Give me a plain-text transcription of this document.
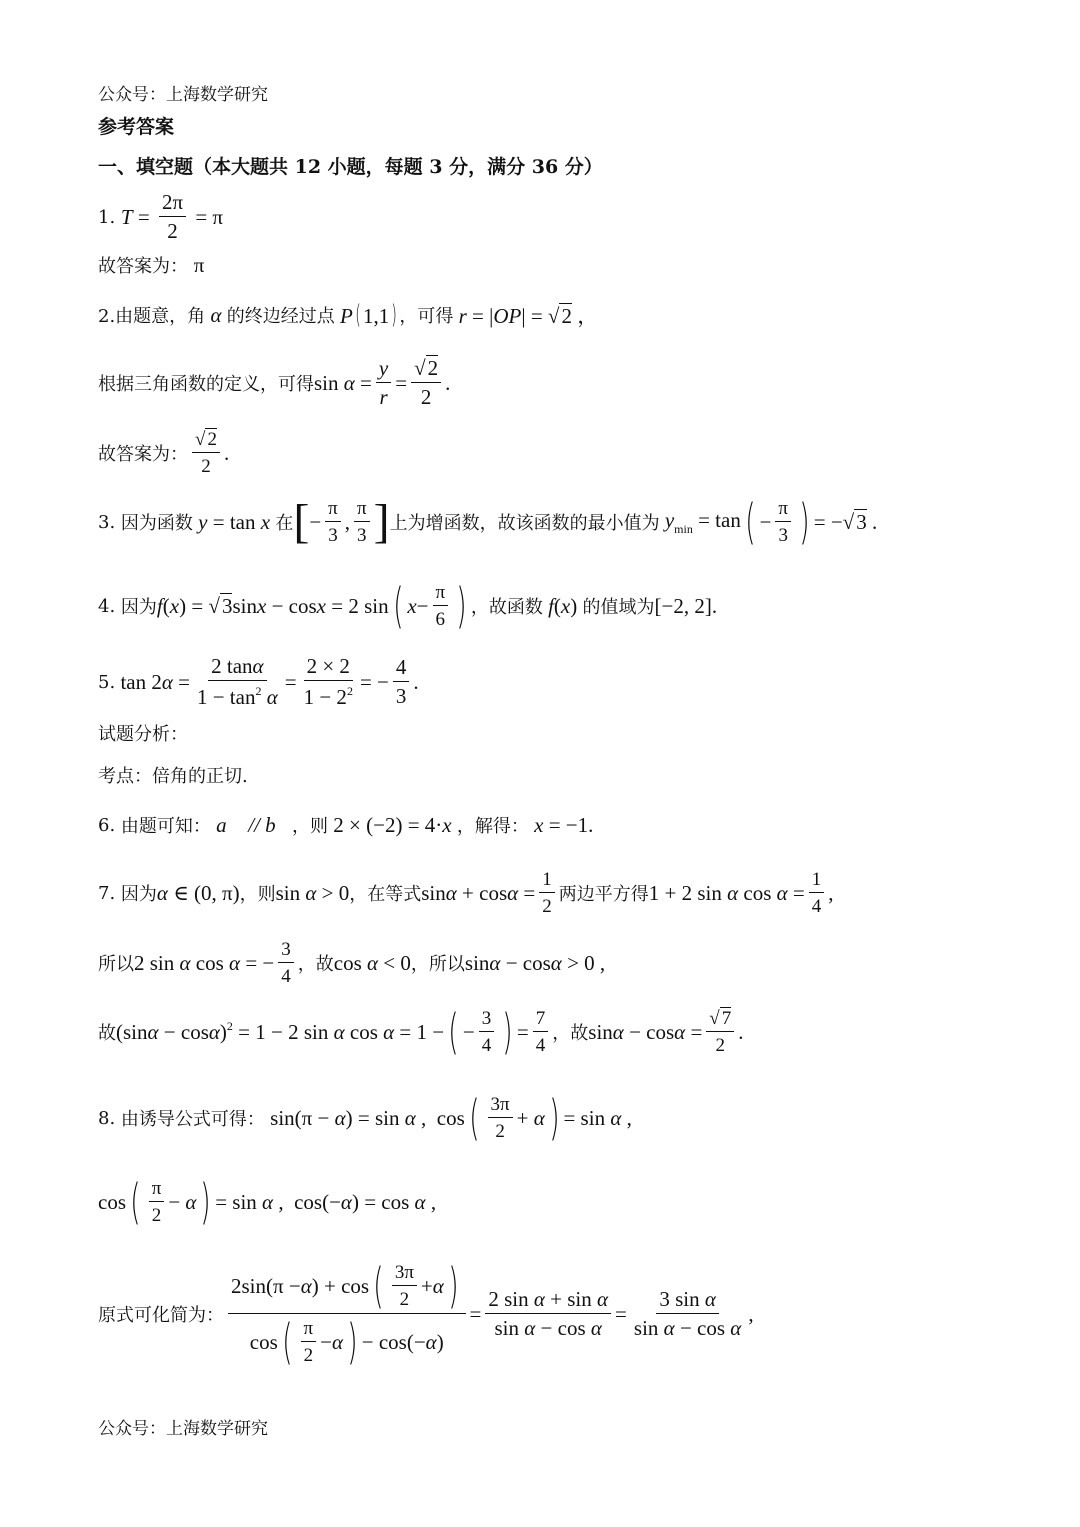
公众号：上海数学研究
参考答案
一、填空题（本大题共 12 小题，每题 3 分，满分 36 分）
1.
$T = \frac{2\pi}{2} = \pi$
故答案为：
π
2.由题意，角 α 的终边经过点 P( 1,1) ，可得 r = |OP| = √2 ，
根据三角函数的定义，可得 $\sin \alpha = \frac{y}{r} = \frac{√2}{2}$ .
故答案为： $\frac{√ 2}{2}$ .
3.
因为函数 y = tan x 在 [ − $\frac{\pi}{3}$ , $\frac{\pi}{3}$ ] 上为增函数，故该函数的最小值为 $y_{min} = \tan$ ( − $\frac{\pi}{3}$ ) = −√3 .
4.
因为 f(x) = √3sinx − cosx = 2 sin ( $x - \frac{\pi}{6}$ ) ，故函数 f(x) 的值域为 [−2, 2].
5. $\tan 2\alpha = \frac{2 \tan\alpha}{1 - \tan^2 \alpha} = \frac{2 \times 2}{1 - 2^2}$ = − $\frac{4}{3}$ .
试题分析：
考点：倍角的正切.
6.
由题可知： a⃗ // b⃗ ，则 2 × (−2) = 4·x ，解得： x = −1.
7.
因为 α ∈ (0, π) ，则 sin α > 0 ，在等式 $\sin\alpha + \cos\alpha = \frac{1}{2}$ 两边平方得 1 + 2 sin α $\cos \alpha = \frac{1}{4}$ ,
所以 2 sin α cos α = − $\frac{3}{4}$ ，故 cos α < 0 ，所以 sinα − cosα > 0 ,
故 $(\sin\alpha - \cos\alpha)^2 = 1 - 2$ sin α cos α = 1 − ( − $\frac{3}{4}$ ) = $\frac{7}{4}$ ，故 $\sin\alpha - \cos\alpha = \frac{√ 7}{2}$ .
8.
由诱导公式可得： sin(π − α) = sin α ,  cos ( $\frac{3\pi}{2} + \alpha$ ) = sin α ,
cos ( $\frac{\pi}{2} - \alpha$ ) = sin α ,  cos(−α) = cos α ,
原式可化简为： $\frac{2\sin(\pi - \alpha ) + \cos ( \frac{3\pi}{2} + \alpha )}{\cos ( \frac{\pi}{2} - \alpha ) - \cos(- \alpha )} = \frac{\text{2 sin α + sin α}}{\text{sin α − cos α}} = \frac{\text{3 sin α}}{\text{sin α − cos α}}$ ,
公众号：上海数学研究
